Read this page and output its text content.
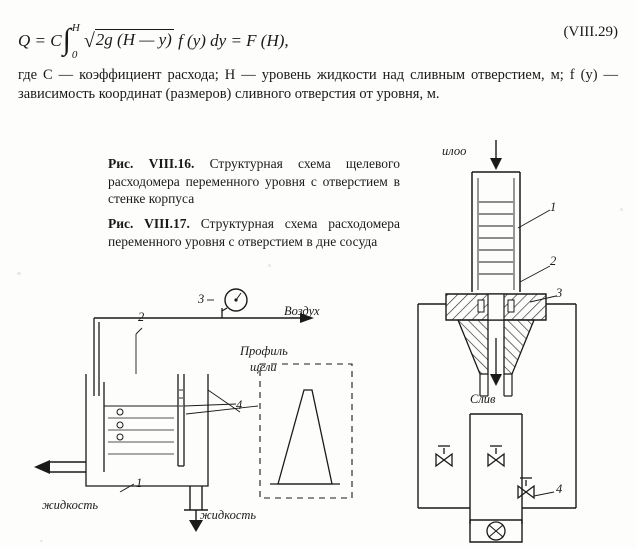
Q = C∫ H
0
√2g (H — y) f (y) dy = F (H),	(VIII.29)
где C — коэффициент расхода; H — уровень жидкости над сливным отверстием, м; f (y) — зависимость координат (размеров) сливного отверстия от уровня, м.
Рис. VIII.16. Структурная схема щелевого расходомера переменного уровня с отверстием в стенке корпуса
Рис. VIII.17. Структурная схема расходомера переменного уровня с отверстием в дне сосуда
Воздух
Профиль
щели
жидкость
жидкость
2
3
4
1
илоо
Слив
1
2
3
4
